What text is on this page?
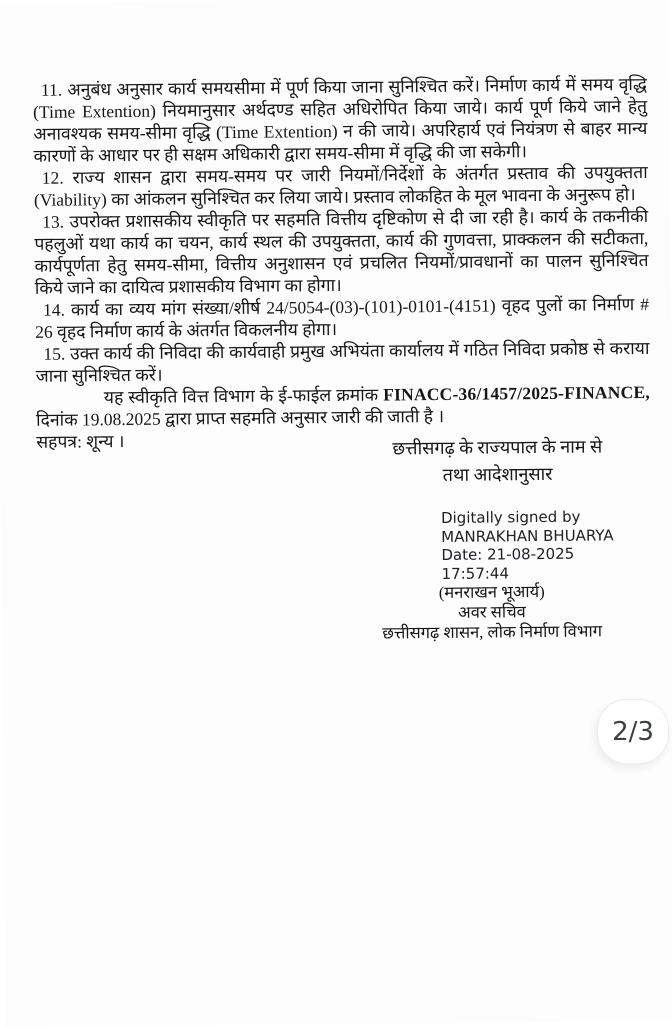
11. अनुबंध अनुसार कार्य समयसीमा में पूर्ण किया जाना सुनिश्चित करें। निर्माण कार्य में समय वृद्धि (Time Extention) नियमानुसार अर्थदण्ड सहित अधिरोपित किया जाये। कार्य पूर्ण किये जाने हेतु अनावश्यक समय-सीमा वृद्धि (Time Extention) न की जाये। अपरिहार्य एवं नियंत्रण से बाहर मान्य कारणों के आधार पर ही सक्षम अधिकारी द्वारा समय-सीमा में वृद्धि की जा सकेगी।

12. राज्य शासन द्वारा समय-समय पर जारी नियमों/निर्देशों के अंतर्गत प्रस्ताव की उपयुक्तता (Viability) का आंकलन सुनिश्चित कर लिया जाये। प्रस्ताव लोकहित के मूल भावना के अनुरूप हो।

13. उपरोक्त प्रशासकीय स्वीकृति पर सहमति वित्तीय दृष्टिकोण से दी जा रही है। कार्य के तकनीकी पहलुओं यथा कार्य का चयन, कार्य स्थल की उपयुक्तता, कार्य की गुणवत्ता, प्राक्कलन की सटीकता, कार्यपूर्णता हेतु समय-सीमा, वित्तीय अनुशासन एवं प्रचलित नियमों/प्रावधानों का पालन सुनिश्चित किये जाने का दायित्व प्रशासकीय विभाग का होगा।

14. कार्य का व्यय मांग संख्या/शीर्ष 24/5054-(03)-(101)-0101-(4151) वृहद पुलों का निर्माण # 26 वृहद निर्माण कार्य के अंतर्गत विकलनीय होगा।

15. उक्त कार्य की निविदा की कार्यवाही प्रमुख अभियंता कार्यालय में गठित निविदा प्रकोष्ठ से कराया जाना सुनिश्चित करें।

यह स्वीकृति वित्त विभाग के ई-फाईल क्रमांक FINACC-36/1457/2025-FINANCE, दिनांक 19.08.2025 द्वारा प्राप्त सहमति अनुसार जारी की जाती है ।

सहपत्र: शून्य ।	छत्तीसगढ़ के राज्यपाल के नाम से
तथा आदेशानुसार
Digitally signed by
MANRAKHAN BHUARYA
Date: 21-08-2025
17:57:44
(मनराखन भूआर्य)
अवर सचिव
छत्तीसगढ़ शासन, लोक निर्माण विभाग
2/3
